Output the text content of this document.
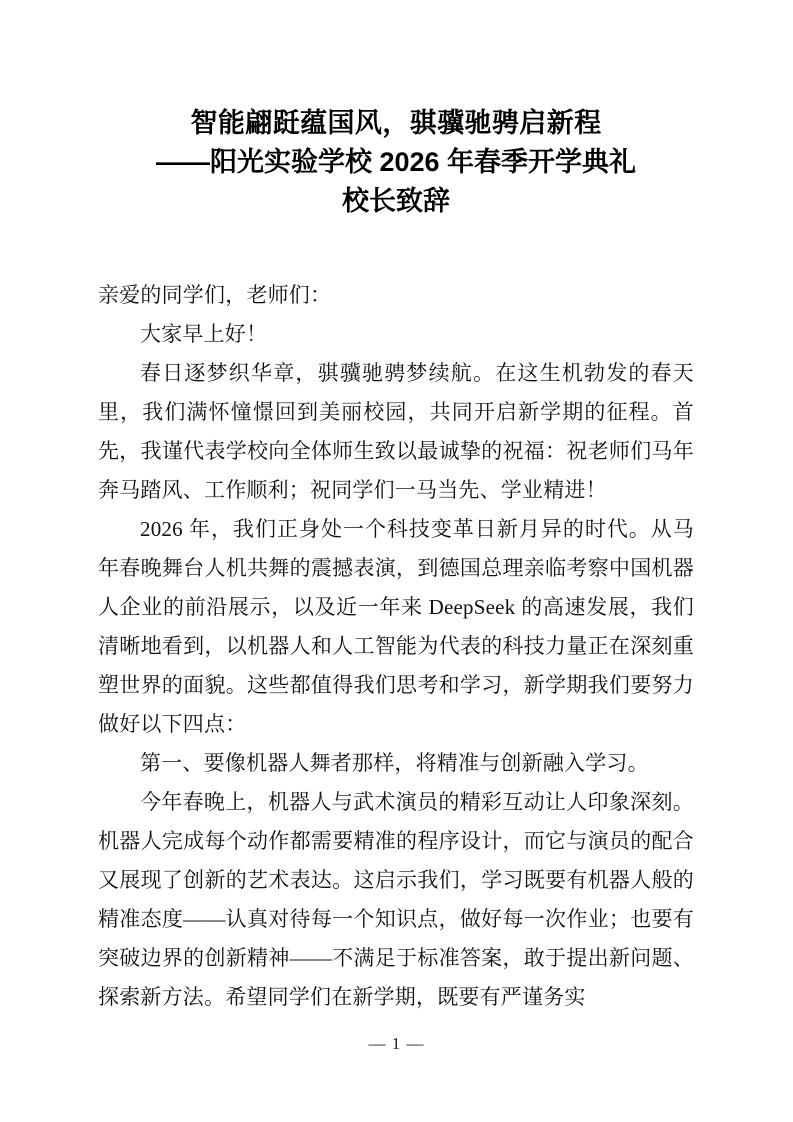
智能翩跹蕴国风，骐骥驰骋启新程
——阳光实验学校 2026 年春季开学典礼
校长致辞

亲爱的同学们，老师们：

大家早上好！

春日逐梦织华章，骐骥驰骋梦续航。在这生机勃发的春天里，我们满怀憧憬回到美丽校园，共同开启新学期的征程。首先，我谨代表学校向全体师生致以最诚挚的祝福：祝老师们马年奔马踏风、工作顺利；祝同学们一马当先、学业精进！

2026 年，我们正身处一个科技变革日新月异的时代。从马年春晚舞台人机共舞的震撼表演，到德国总理亲临考察中国机器人企业的前沿展示，以及近一年来 DeepSeek 的高速发展，我们清晰地看到，以机器人和人工智能为代表的科技力量正在深刻重塑世界的面貌。这些都值得我们思考和学习，新学期我们要努力做好以下四点：

第一、要像机器人舞者那样，将精准与创新融入学习。

今年春晚上，机器人与武术演员的精彩互动让人印象深刻。机器人完成每个动作都需要精准的程序设计，而它与演员的配合又展现了创新的艺术表达。这启示我们，学习既要有机器人般的精准态度——认真对待每一个知识点，做好每一次作业；也要有突破边界的创新精神——不满足于标准答案，敢于提出新问题、探索新方法。希望同学们在新学期，既要有严谨务实

— 1 —
